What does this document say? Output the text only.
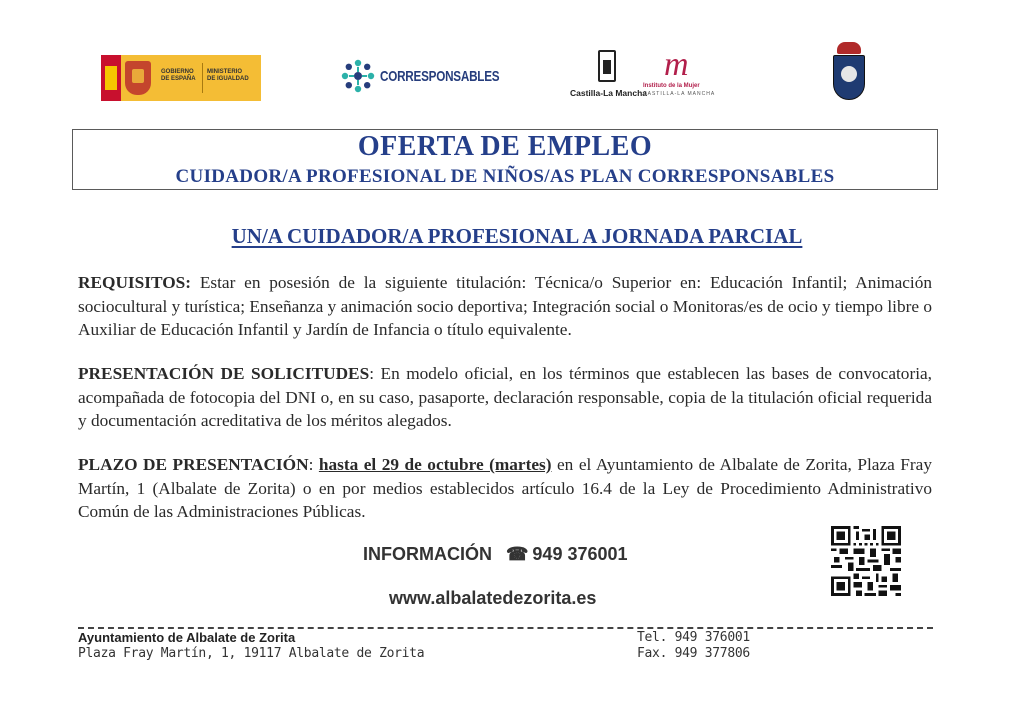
GOBIERNO
DE ESPAÑA
MINISTERIO
DE IGUALDAD	CORRESPONSABLES
Castilla-La Mancha
m
Instituto de la Mujer
CASTILLA-LA MANCHA
OFERTA DE EMPLEO
CUIDADOR/A PROFESIONAL DE NIÑOS/AS PLAN CORRESPONSABLES
UN/A CUIDADOR/A PROFESIONAL A JORNADA PARCIAL
REQUISITOS: Estar en posesión de la siguiente titulación: Técnica/o Superior en: Educación Infantil; Animación sociocultural y turística; Enseñanza y animación socio deportiva; Integración social o Monitoras/es de ocio y tiempo libre o Auxiliar de Educación Infantil y Jardín de Infancia o título equivalente.
PRESENTACIÓN DE SOLICITUDES: En modelo oficial, en los términos que establecen las bases de convocatoria, acompañada de fotocopia del DNI o, en su caso, pasaporte, declaración responsable, copia de la titulación oficial requerida y documentación acreditativa de los méritos alegados.
PLAZO DE PRESENTACIÓN: hasta el 29 de octubre (martes) en el Ayuntamiento de Albalate de Zorita, Plaza Fray Martín, 1 (Albalate de Zorita) o en por medios establecidos artículo 16.4 de la Ley de Procedimiento Administrativo Común de las Administraciones Públicas.
INFORMACIÓN ☎ 949 376001
www.albalatedezorita.es
Ayuntamiento de Albalate de Zorita
Plaza Fray Martín, 1, 19117 Albalate de Zorita
Tel. 949 376001
Fax. 949 377806
